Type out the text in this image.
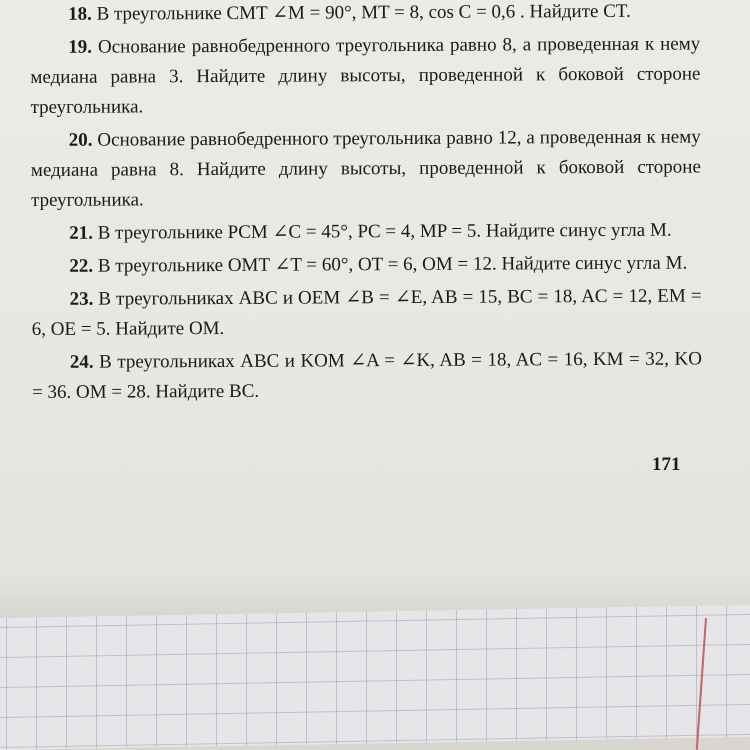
18. В треугольнике CMT ∠M = 90°, MT = 8, cos C = 0,6 . Найдите CT.

19. Основание равнобедренного треугольника равно 8, а проведенная к нему медиана равна 3. Найдите длину высоты, проведенной к боковой стороне треугольника.

20. Основание равнобедренного треугольника равно 12, а проведенная к нему медиана равна 8. Найдите длину высоты, проведенной к боковой стороне треугольника.

21. В треугольнике PCM ∠C = 45°, PC = 4, MP = 5. Найдите синус угла M.

22. В треугольнике OMT ∠T = 60°, OT = 6, OM = 12. Найдите синус угла M.

23. В треугольниках ABC и OEM ∠B = ∠E, AB = 15, BC = 18, AC = 12, EM = 6, OE = 5. Найдите OM.

24. В треугольниках ABC и KOM ∠A = ∠K, AB = 18, AC = 16, KM = 32, KO = 36. OM = 28. Найдите BC.

171
